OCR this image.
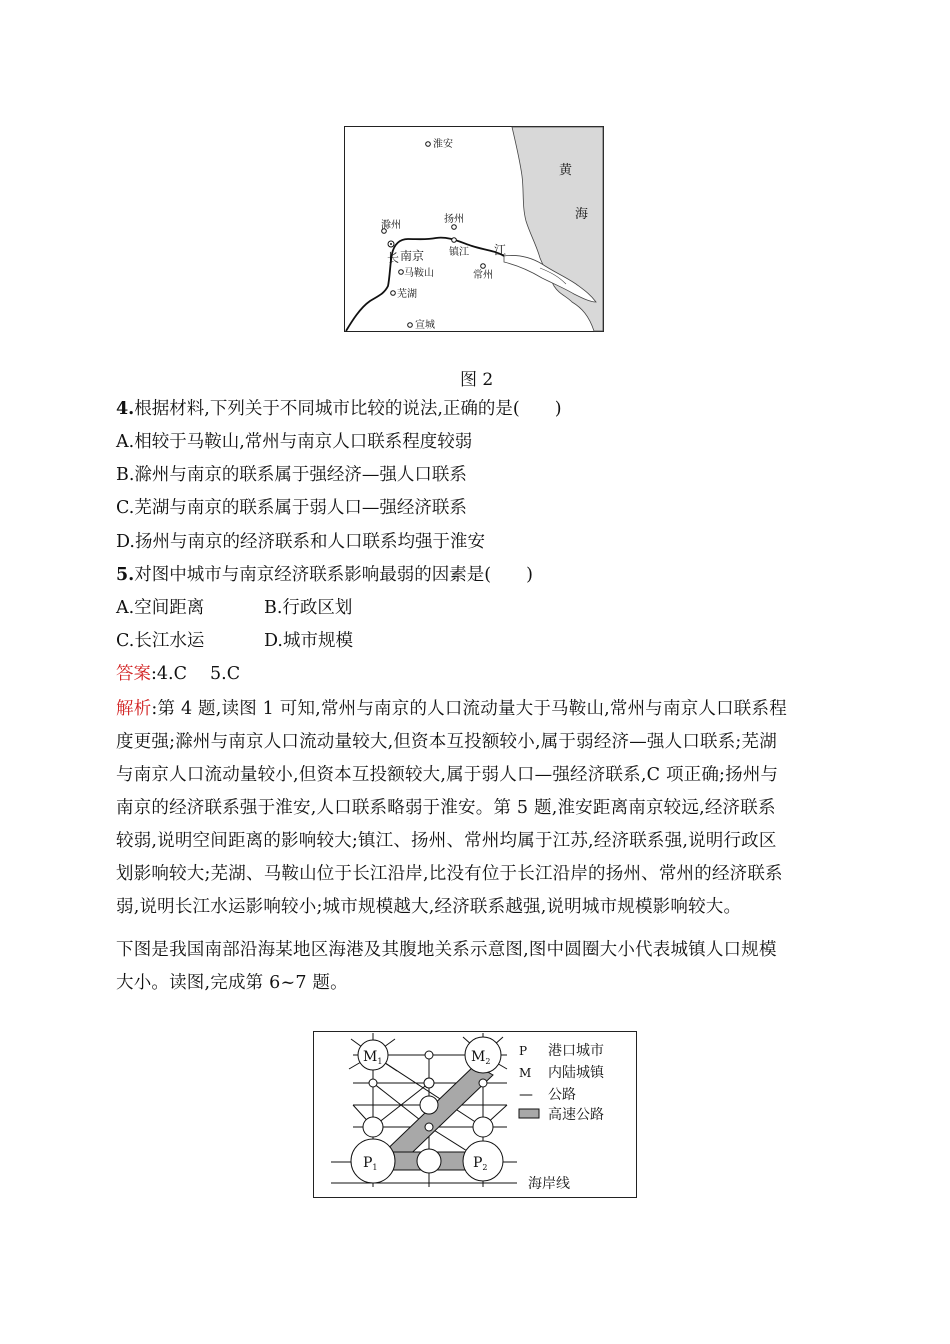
淮安
黄
海
滁州
扬州
长 南京 镇江 江
马鞍山	常州
芜湖
宣城
图 2
4.根据材料,下列关于不同城市比较的说法,正确的是(　　)
A.相较于马鞍山,常州与南京人口联系程度较弱
B.滁州与南京的联系属于强经济—强人口联系
C.芜湖与南京的联系属于弱人口—强经济联系
D.扬州与南京的经济联系和人口联系均强于淮安
5.对图中城市与南京经济联系影响最弱的因素是(　　)
A.空间距离	B.行政区划
C.长江水运	D.城市规模
答案:4.C　 5.C
解析:第 4 题,读图 1 可知,常州与南京的人口流动量大于马鞍山,常州与南京人口联系程
度更强;滁州与南京人口流动量较大,但资本互投额较小,属于弱经济—强人口联系;芜湖
与南京人口流动量较小,但资本互投额较大,属于弱人口—强经济联系,C 项正确;扬州与
南京的经济联系强于淮安,人口联系略弱于淮安。第 5 题,淮安距离南京较远,经济联系
较弱,说明空间距离的影响较大;镇江、扬州、常州均属于江苏,经济联系强,说明行政区
划影响较大;芜湖、马鞍山位于长江沿岸,比没有位于长江沿岸的扬州、常州的经济联系
弱,说明长江水运影响较小;城市规模越大,经济联系越强,说明城市规模影响较大。
下图是我国南部沿海某地区海港及其腹地关系示意图,图中圆圈大小代表城镇人口规模
大小。读图,完成第 6~7 题。
$M_1$	$M_2$
$P_1$	$P_2$
P 港口城市
M 内陆城镇
— 公路
高速公路
海岸线
